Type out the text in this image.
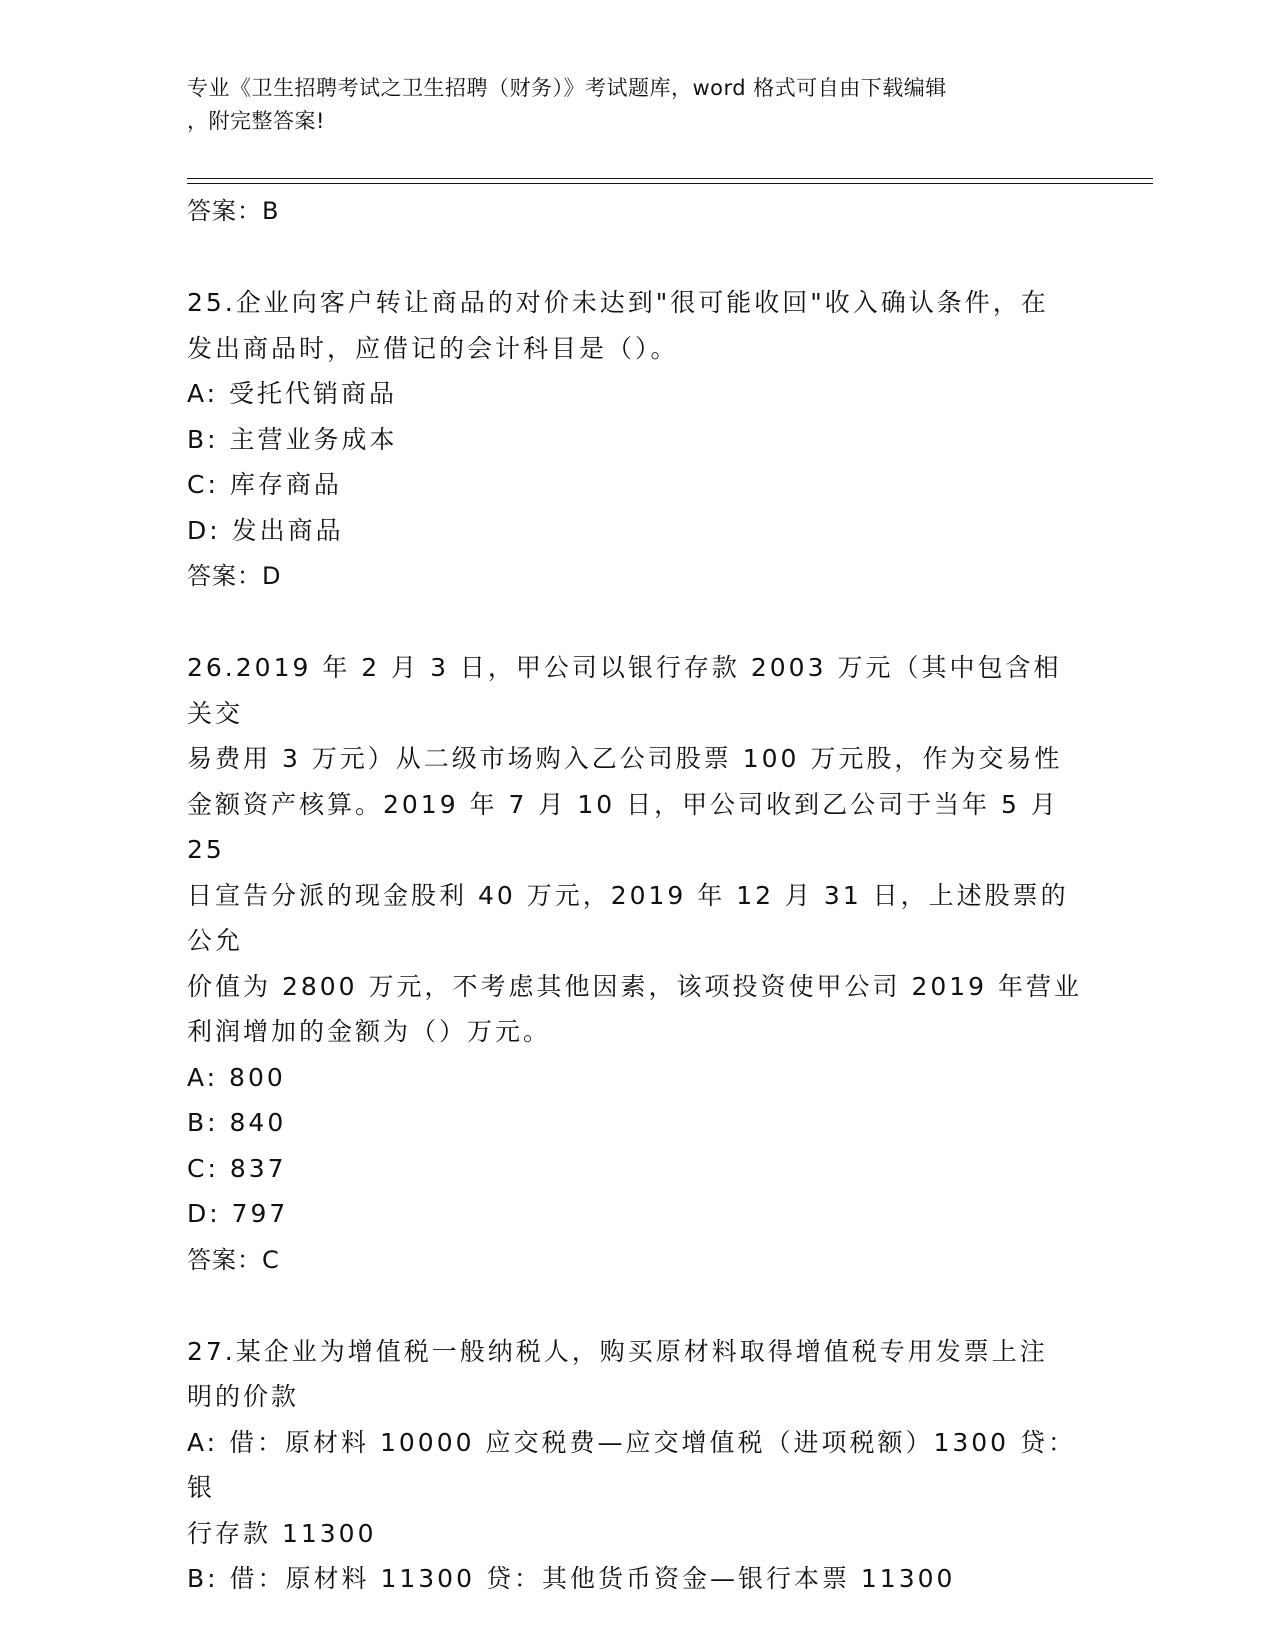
专业《卫生招聘考试之卫生招聘（财务）》考试题库，word 格式可自由下载编辑
，附完整答案!
答案：B
25.企业向客户转让商品的对价未达到"很可能收回"收入确认条件，在
发出商品时，应借记的会计科目是（）。
A: 受托代销商品
B: 主营业务成本
C: 库存商品
D: 发出商品
答案：D
26.2019 年 2 月 3 日，甲公司以银行存款 2003 万元（其中包含相关交
易费用 3 万元）从二级市场购入乙公司股票 100 万元股，作为交易性
金额资产核算。2019 年 7 月 10 日，甲公司收到乙公司于当年 5 月 25
日宣告分派的现金股利 40 万元，2019 年 12 月 31 日，上述股票的公允
价值为 2800 万元，不考虑其他因素，该项投资使甲公司 2019 年营业
利润增加的金额为（）万元。
A: 800
B: 840
C: 837
D: 797
答案：C
27.某企业为增值税一般纳税人，购买原材料取得增值税专用发票上注
明的价款
A: 借：原材料 10000 应交税费—应交增值税（进项税额）1300 贷：银
行存款 11300
B: 借：原材料 11300 贷：其他货币资金—银行本票 11300
